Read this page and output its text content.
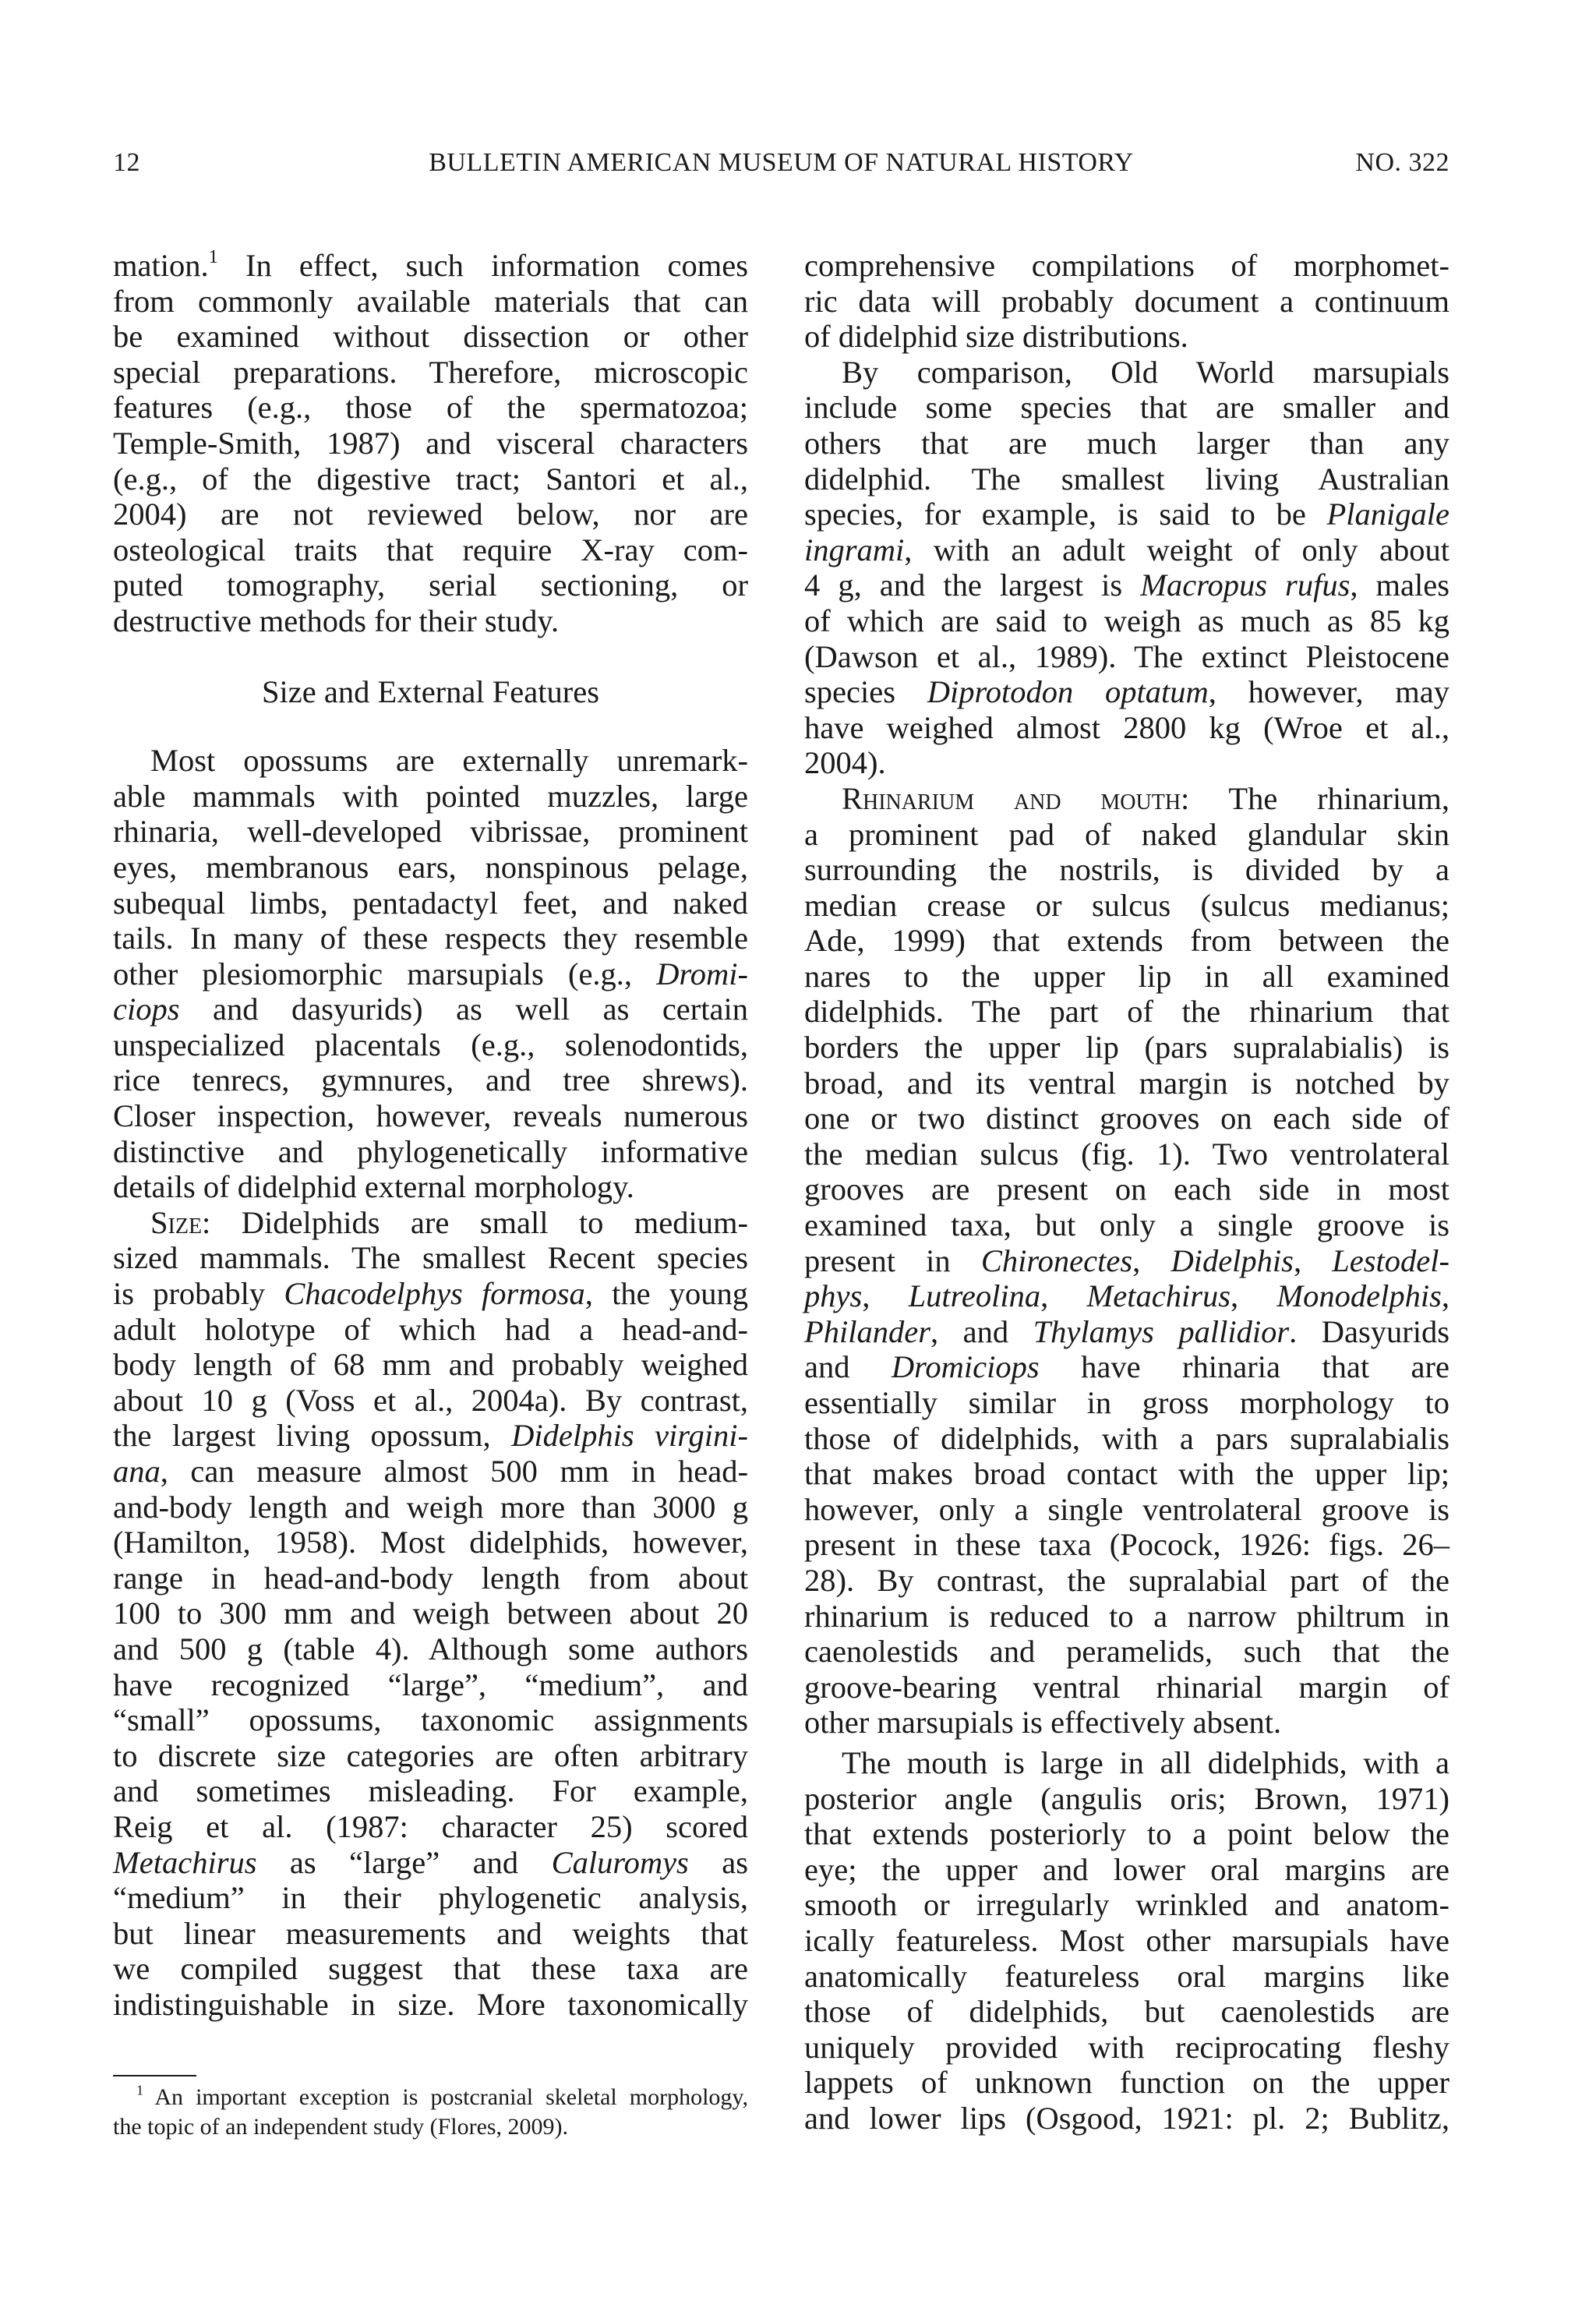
12	BULLETIN AMERICAN MUSEUM OF NATURAL HISTORY	NO. 322

mation.$^1$ In effect, such information comes
from commonly available materials that can
be examined without dissection or other
special preparations. Therefore, microscopic
features (e.g., those of the spermatozoa;
Temple-Smith, 1987) and visceral characters
(e.g., of the digestive tract; Santori et al.,
2004) are not reviewed below, nor are
osteological traits that require X-ray com-
puted tomography, serial sectioning, or
destructive methods for their study.

Size and External Features

Most opossums are externally unremark-
able mammals with pointed muzzles, large
rhinaria, well-developed vibrissae, prominent
eyes, membranous ears, nonspinous pelage,
subequal limbs, pentadactyl feet, and naked
tails. In many of these respects they resemble
other plesiomorphic marsupials (e.g., Dromi-
ciops and dasyurids) as well as certain
unspecialized placentals (e.g., solenodontids,
rice tenrecs, gymnures, and tree shrews).
Closer inspection, however, reveals numerous
distinctive and phylogenetically informative
details of didelphid external morphology.

Size: Didelphids are small to medium-
sized mammals. The smallest Recent species
is probably Chacodelphys formosa, the young
adult holotype of which had a head-and-
body length of 68 mm and probably weighed
about 10 g (Voss et al., 2004a). By contrast,
the largest living opossum, Didelphis virgini-
ana, can measure almost 500 mm in head-
and-body length and weigh more than 3000 g
(Hamilton, 1958). Most didelphids, however,
range in head-and-body length from about
100 to 300 mm and weigh between about 20
and 500 g (table 4). Although some authors
have recognized “large”, “medium”, and
“small” opossums, taxonomic assignments
to discrete size categories are often arbitrary
and sometimes misleading. For example,
Reig et al. (1987: character 25) scored
Metachirus as “large” and Caluromys as
“medium” in their phylogenetic analysis,
but linear measurements and weights that
we compiled suggest that these taxa are
indistinguishable in size. More taxonomically

$^1$ An important exception is postcranial skeletal morphology,
the topic of an independent study (Flores, 2009).

comprehensive compilations of morphomet-
ric data will probably document a continuum
of didelphid size distributions.

By comparison, Old World marsupials
include some species that are smaller and
others that are much larger than any
didelphid. The smallest living Australian
species, for example, is said to be Planigale
ingrami, with an adult weight of only about
4 g, and the largest is Macropus rufus, males
of which are said to weigh as much as 85 kg
(Dawson et al., 1989). The extinct Pleistocene
species Diprotodon optatum, however, may
have weighed almost 2800 kg (Wroe et al.,
2004).

Rhinarium and mouth: The rhinarium,
a prominent pad of naked glandular skin
surrounding the nostrils, is divided by a
median crease or sulcus (sulcus medianus;
Ade, 1999) that extends from between the
nares to the upper lip in all examined
didelphids. The part of the rhinarium that
borders the upper lip (pars supralabialis) is
broad, and its ventral margin is notched by
one or two distinct grooves on each side of
the median sulcus (fig. 1). Two ventrolateral
grooves are present on each side in most
examined taxa, but only a single groove is
present in Chironectes, Didelphis, Lestodel-
phys, Lutreolina, Metachirus, Monodelphis,
Philander, and Thylamys pallidior. Dasyurids
and Dromiciops have rhinaria that are
essentially similar in gross morphology to
those of didelphids, with a pars supralabialis
that makes broad contact with the upper lip;
however, only a single ventrolateral groove is
present in these taxa (Pocock, 1926: figs. 26–
28). By contrast, the supralabial part of the
rhinarium is reduced to a narrow philtrum in
caenolestids and peramelids, such that the
groove-bearing ventral rhinarial margin of
other marsupials is effectively absent.

The mouth is large in all didelphids, with a
posterior angle (angulis oris; Brown, 1971)
that extends posteriorly to a point below the
eye; the upper and lower oral margins are
smooth or irregularly wrinkled and anatom-
ically featureless. Most other marsupials have
anatomically featureless oral margins like
those of didelphids, but caenolestids are
uniquely provided with reciprocating fleshy
lappets of unknown function on the upper
and lower lips (Osgood, 1921: pl. 2; Bublitz,
